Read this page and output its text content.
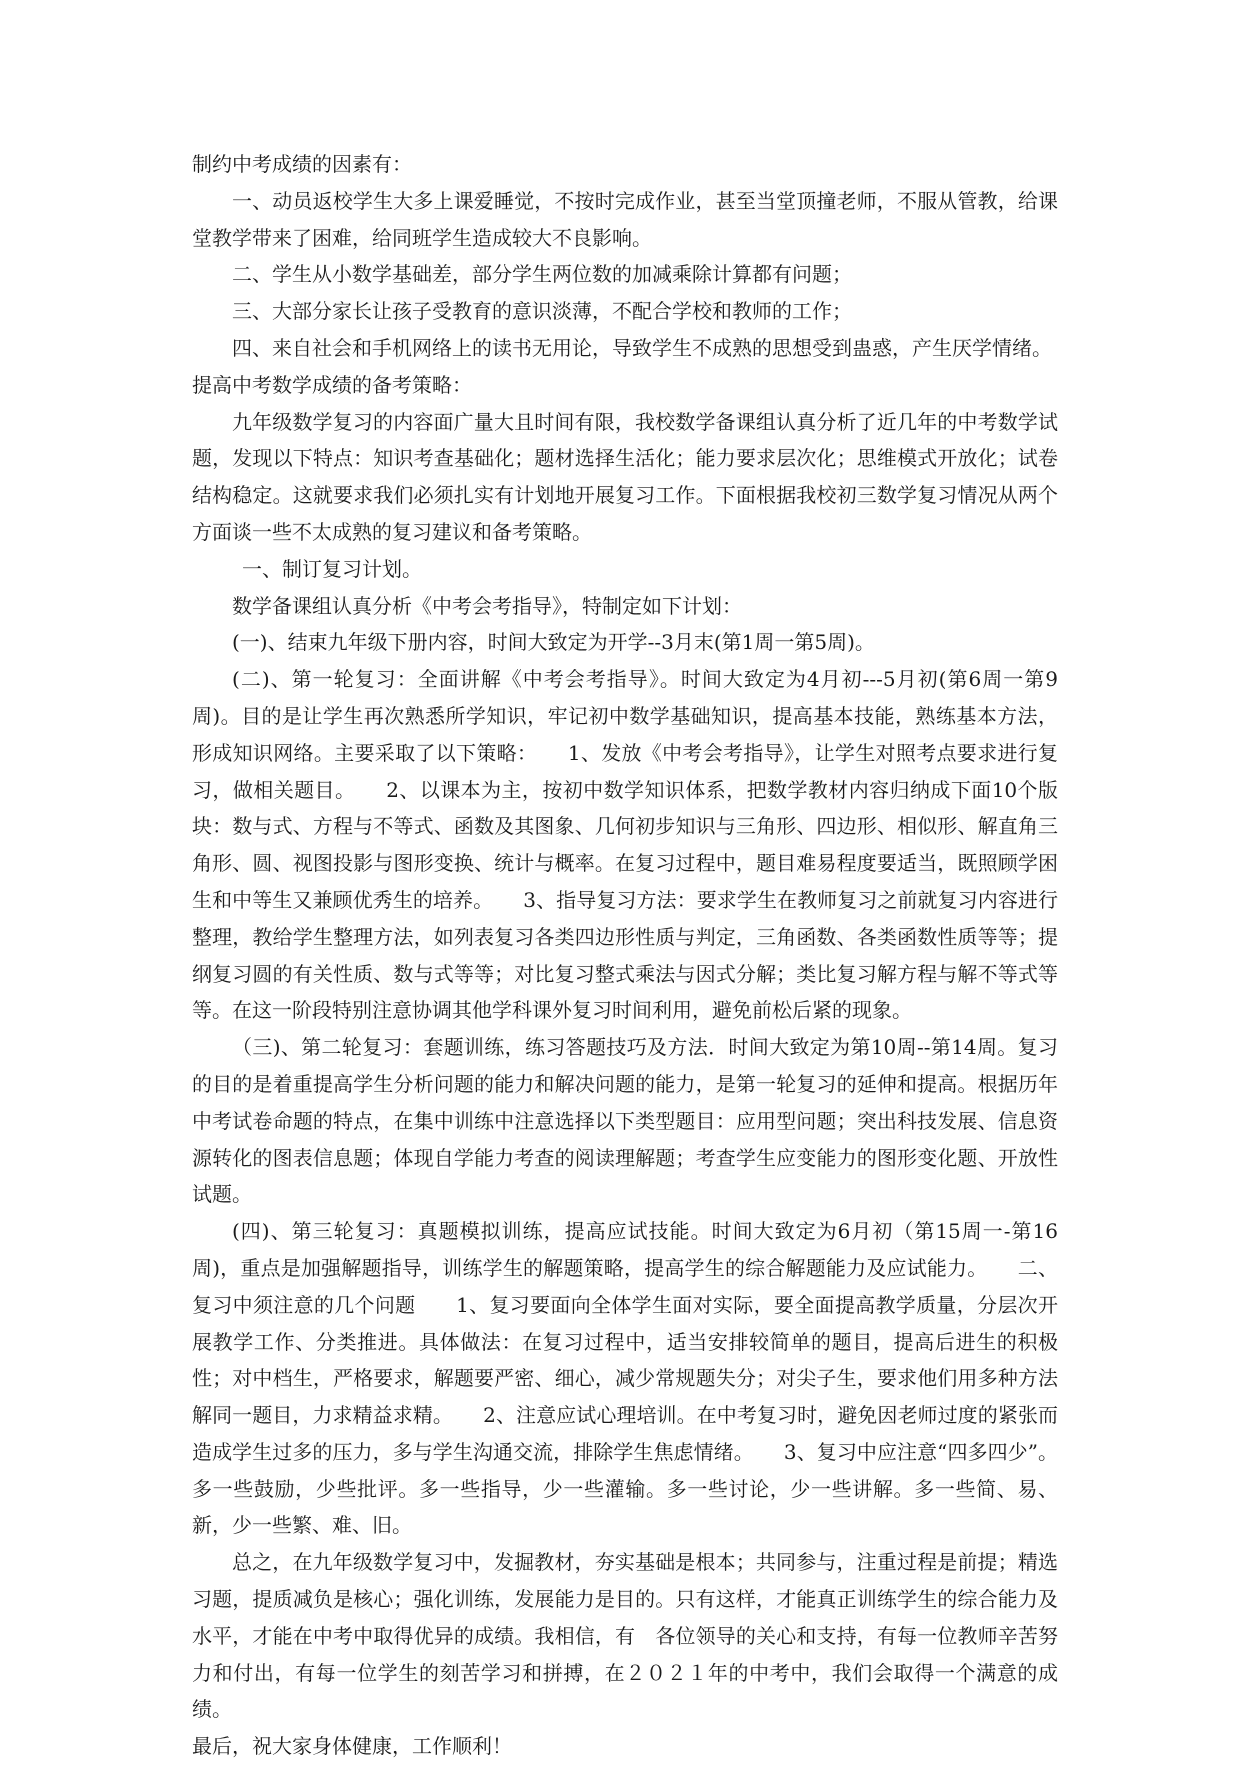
制约中考成绩的因素有：

一、动员返校学生大多上课爱睡觉，不按时完成作业，甚至当堂顶撞老师，不服从管教，给课堂教学带来了困难，给同班学生造成较大不良影响。

二、学生从小数学基础差，部分学生两位数的加减乘除计算都有问题；

三、大部分家长让孩子受教育的意识淡薄，不配合学校和教师的工作；

四、来自社会和手机网络上的读书无用论，导致学生不成熟的思想受到蛊惑，产生厌学情绪。

提高中考数学成绩的备考策略：

九年级数学复习的内容面广量大且时间有限，我校数学备课组认真分析了近几年的中考数学试题，发现以下特点：知识考查基础化；题材选择生活化；能力要求层次化；思维模式开放化；试卷结构稳定。这就要求我们必须扎实有计划地开展复习工作。下面根据我校初三数学复习情况从两个方面谈一些不太成熟的复习建议和备考策略。

一、制订复习计划。

数学备课组认真分析《中考会考指导》，特制定如下计划：

(一)、结束九年级下册内容，时间大致定为开学--3月末(第1周一第5周)。

(二)、第一轮复习：全面讲解《中考会考指导》。时间大致定为4月初---5月初(第6周一第9周)。目的是让学生再次熟悉所学知识，牢记初中数学基础知识，提高基本技能，熟练基本方法，形成知识网络。主要采取了以下策略：　　1、发放《中考会考指导》，让学生对照考点要求进行复习，做相关题目。　　2、以课本为主，按初中数学知识体系，把数学教材内容归纳成下面10个版块：数与式、方程与不等式、函数及其图象、几何初步知识与三角形、四边形、相似形、解直角三角形、圆、视图投影与图形变换、统计与概率。在复习过程中，题目难易程度要适当，既照顾学困生和中等生又兼顾优秀生的培养。　　3、指导复习方法：要求学生在教师复习之前就复习内容进行整理，教给学生整理方法，如列表复习各类四边形性质与判定，三角函数、各类函数性质等等；提纲复习圆的有关性质、数与式等等；对比复习整式乘法与因式分解；类比复习解方程与解不等式等等。在这一阶段特别注意协调其他学科课外复习时间利用，避免前松后紧的现象。

（三)、第二轮复习：套题训练，练习答题技巧及方法．时间大致定为第10周--第14周。复习的目的是着重提高学生分析问题的能力和解决问题的能力，是第一轮复习的延伸和提高。根据历年中考试卷命题的特点，在集中训练中注意选择以下类型题目：应用型问题；突出科技发展、信息资源转化的图表信息题；体现自学能力考查的阅读理解题；考查学生应变能力的图形变化题、开放性试题。

(四)、第三轮复习：真题模拟训练，提高应试技能。时间大致定为6月初（第15周一-第16周)，重点是加强解题指导，训练学生的解题策略，提高学生的综合解题能力及应试能力。　　二、复习中须注意的几个问题　　1、复习要面向全体学生面对实际，要全面提高教学质量，分层次开展教学工作、分类推进。具体做法：在复习过程中，适当安排较简单的题目，提高后进生的积极性；对中档生，严格要求，解题要严密、细心，减少常规题失分；对尖子生，要求他们用多种方法解同一题目，力求精益求精。　　2、注意应试心理培训。在中考复习时，避免因老师过度的紧张而造成学生过多的压力，多与学生沟通交流，排除学生焦虑情绪。　　3、复习中应注意“四多四少”。多一些鼓励，少些批评。多一些指导，少一些灌输。多一些讨论，少一些讲解。多一些简、易、新，少一些繁、难、旧。

总之，在九年级数学复习中，发掘教材，夯实基础是根本；共同参与，注重过程是前提；精选习题，提质减负是核心；强化训练，发展能力是目的。只有这样，才能真正训练学生的综合能力及水平，才能在中考中取得优异的成绩。我相信，有　各位领导的关心和支持，有每一位教师辛苦努力和付出，有每一位学生的刻苦学习和拼搏，在２０２１年的中考中，我们会取得一个满意的成绩。

最后，祝大家身体健康，工作顺利！
